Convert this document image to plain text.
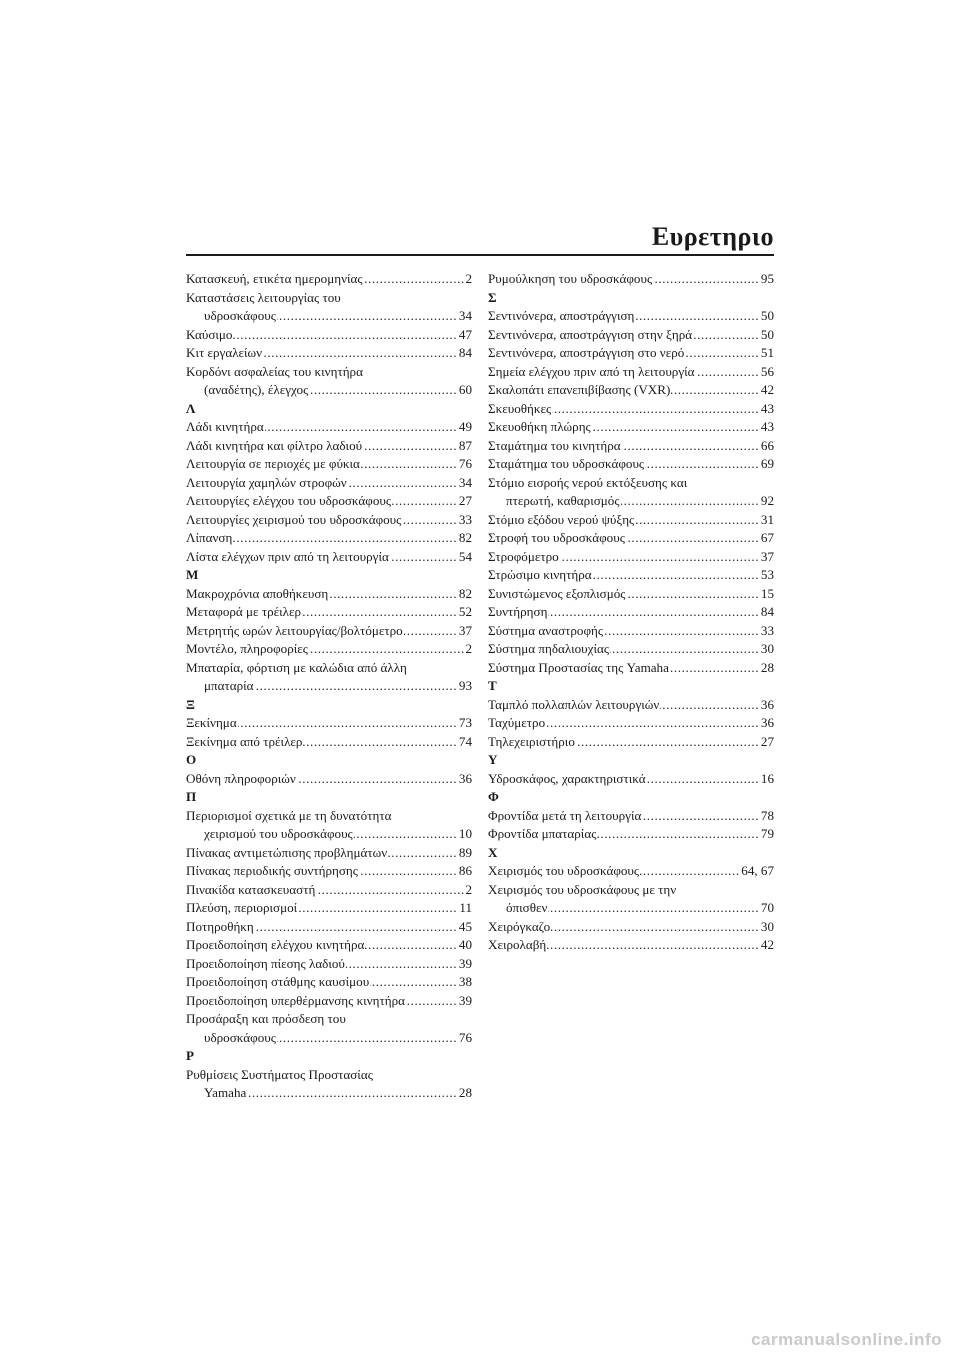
Ευρετηριο
Κατασκευή, ετικέτα ημερομηνίας	2
.....
Καταστάσεις λειτουργίας του
υδροσκάφους	34
.....
Καύσιμο	47
.....
Κιτ εργαλείων	84
.....
Κορδόνι ασφαλείας του κινητήρα
(αναδέτης), έλεγχος	60
.....
Λ
Λάδι κινητήρα	49
.....
Λάδι κινητήρα και φίλτρο λαδιού	87
.....
Λειτουργία σε περιοχές με φύκια	76
.....
Λειτουργία χαμηλών στροφών	34
.....
Λειτουργίες ελέγχου του υδροσκάφους	27
.....
Λειτουργίες χειρισμού του υδροσκάφους	33
.....
Λίπανση	82
.....
Λίστα ελέγχων πριν από τη λειτουργία	54
.....
Μ
Μακροχρόνια αποθήκευση	82
.....
Μεταφορά με τρέιλερ	52
.....
Μετρητής ωρών λειτουργίας/βολτόμετρο	37
.....
Μοντέλο, πληροφορίες	2
.....
Μπαταρία, φόρτιση με καλώδια από άλλη
μπαταρία	93
.....
Ξ
Ξεκίνημα	73
.....
Ξεκίνημα από τρέιλερ	74
.....
Ο
Οθόνη πληροφοριών	36
.....
Π
Περιορισμοί σχετικά με τη δυνατότητα
χειρισμού του υδροσκάφους	10
.....
Πίνακας αντιμετώπισης προβλημάτων	89
.....
Πίνακας περιοδικής συντήρησης	86
.....
Πινακίδα κατασκευαστή	2
.....
Πλεύση, περιορισμοί	11
.....
Ποτηροθήκη	45
.....
Προειδοποίηση ελέγχου κινητήρα	40
.....
Προειδοποίηση πίεσης λαδιού	39
.....
Προειδοποίηση στάθμης καυσίμου	38
.....
Προειδοποίηση υπερθέρμανσης κινητήρα	39
.....
Προσάραξη και πρόσδεση του
υδροσκάφους	76
.....
Ρ
Ρυθμίσεις Συστήματος Προστασίας
Yamaha	28
.....
Ρυμούλκηση του υδροσκάφους	95
.....
Σ
Σεντινόνερα, αποστράγγιση	50
.....
Σεντινόνερα, αποστράγγιση στην ξηρά	50
.....
Σεντινόνερα, αποστράγγιση στο νερό	51
.....
Σημεία ελέγχου πριν από τη λειτουργία	56
.....
Σκαλοπάτι επανεπιβίβασης (VXR)	42
.....
Σκευοθήκες	43
.....
Σκευοθήκη πλώρης	43
.....
Σταμάτημα του κινητήρα	66
.....
Σταμάτημα του υδροσκάφους	69
.....
Στόμιο εισροής νερού εκτόξευσης και
πτερωτή, καθαρισμός	92
.....
Στόμιο εξόδου νερού ψύξης	31
.....
Στροφή του υδροσκάφους	67
.....
Στροφόμετρο	37
.....
Στρώσιμο κινητήρα	53
.....
Συνιστώμενος εξοπλισμός	15
.....
Συντήρηση	84
.....
Σύστημα αναστροφής	33
.....
Σύστημα πηδαλιουχίας	30
.....
Σύστημα Προστασίας της Yamaha	28
.....
Τ
Ταμπλό πολλαπλών λειτουργιών	36
.....
Ταχύμετρο	36
.....
Τηλεχειριστήριο	27
.....
Υ
Υδροσκάφος, χαρακτηριστικά	16
.....
Φ
Φροντίδα μετά τη λειτουργία	78
.....
Φροντίδα μπαταρίας	79
.....
Χ
Χειρισμός του υδροσκάφους	64, 67
.....
Χειρισμός του υδροσκάφους με την
όπισθεν	70
.....
Χειρόγκαζο	30
.....
Χειρολαβή	42
.....
carmanualsonline.info
